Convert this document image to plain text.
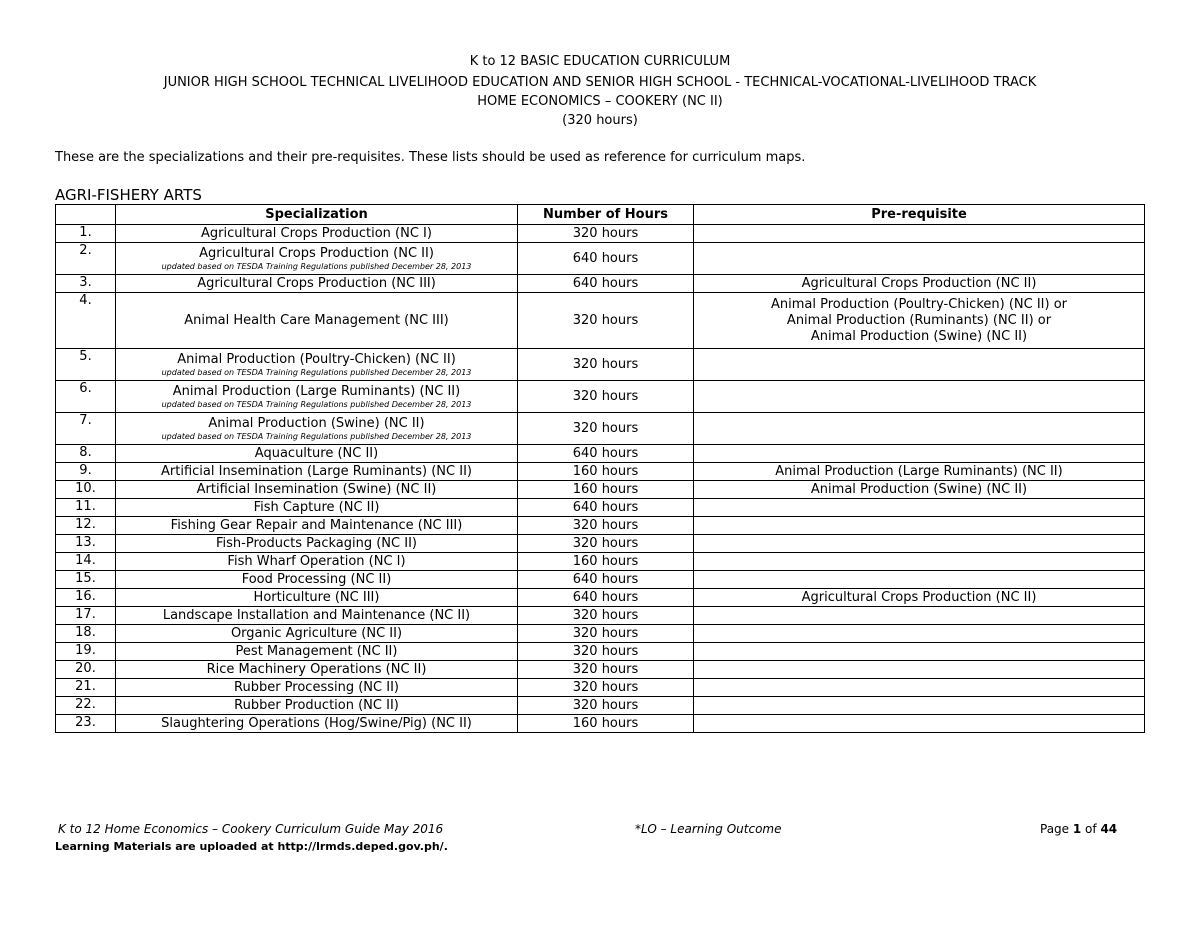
K to 12 BASIC EDUCATION CURRICULUM
JUNIOR HIGH SCHOOL TECHNICAL LIVELIHOOD EDUCATION AND SENIOR HIGH SCHOOL - TECHNICAL-VOCATIONAL-LIVELIHOOD TRACK
HOME ECONOMICS – COOKERY (NC II)
(320 hours)
These are the specializations and their pre-requisites. These lists should be used as reference for curriculum maps.
AGRI-FISHERY ARTS
	Specialization	Number of Hours	Pre-requisite
1.	Agricultural Crops Production (NC I)	320 hours	
2.	Agricultural Crops Production (NC II)
updated based on TESDA Training Regulations published December 28, 2013	640 hours	
3.	Agricultural Crops Production (NC III)	640 hours	Agricultural Crops Production (NC II)

4.	Animal Health Care Management (NC III)	320 hours	Animal Production (Poultry-Chicken) (NC II) or
Animal Production (Ruminants) (NC II) or
Animal Production (Swine) (NC II)

5.	Animal Production (Poultry-Chicken) (NC II)
updated based on TESDA Training Regulations published December 28, 2013	320 hours	
6.	Animal Production (Large Ruminants) (NC II)
updated based on TESDA Training Regulations published December 28, 2013	320 hours	
7.	Animal Production (Swine) (NC II)
updated based on TESDA Training Regulations published December 28, 2013	320 hours	
8.	Aquaculture (NC II)	640 hours	
9.	Artificial Insemination (Large Ruminants) (NC II)	160 hours	Animal Production (Large Ruminants) (NC II)

10.	Artificial Insemination (Swine) (NC II)	160 hours	Animal Production (Swine) (NC II)

11.	Fish Capture (NC II)	640 hours	
12.	Fishing Gear Repair and Maintenance (NC III)	320 hours	
13.	Fish-Products Packaging (NC II)	320 hours	
14.	Fish Wharf Operation (NC I)	160 hours	
15.	Food Processing (NC II)	640 hours	
16.	Horticulture (NC III)	640 hours	Agricultural Crops Production (NC II)

17.	Landscape Installation and Maintenance (NC II)	320 hours	
18.	Organic Agriculture (NC II)	320 hours	
19.	Pest Management (NC II)	320 hours	
20.	Rice Machinery Operations (NC II)	320 hours	
21.	Rubber Processing (NC II)	320 hours	
22.	Rubber Production (NC II)	320 hours	
23.	Slaughtering Operations (Hog/Swine/Pig) (NC II)	160 hours	
K to 12 Home Economics – Cookery Curriculum Guide May 2016	*LO – Learning Outcome	Page 1 of 44
Learning Materials are uploaded at http://lrmds.deped.gov.ph/.
